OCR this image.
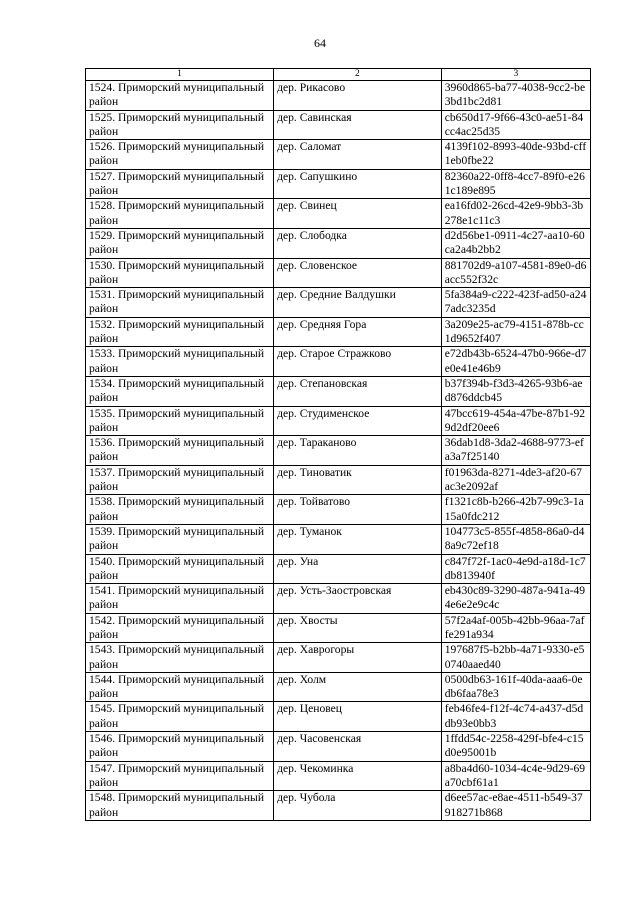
64
1	2	3
1524. Приморский муниципальный район	дер. Рикасово	3960d865-ba77-4038-9cc2-be3bd1bc2d81
1525. Приморский муниципальный район	дер. Савинская	cb650d17-9f66-43c0-ae51-84cc4ac25d35
1526. Приморский муниципальный район	дер. Саломат	4139f102-8993-40de-93bd-cff1eb0fbe22
1527. Приморский муниципальный район	дер. Сапушкино	82360a22-0ff8-4cc7-89f0-e261c189e895
1528. Приморский муниципальный район	дер. Свинец	ea16fd02-26cd-42e9-9bb3-3b278e1c11c3
1529. Приморский муниципальный район	дер. Слободка	d2d56be1-0911-4c27-aa10-60ca2a4b2bb2
1530. Приморский муниципальный район	дер. Словенское	881702d9-a107-4581-89e0-d6acc552f32c
1531. Приморский муниципальный район	дер. Средние Валдушки	5fa384a9-c222-423f-ad50-a247adc3235d
1532. Приморский муниципальный район	дер. Средняя Гора	3a209e25-ac79-4151-878b-cc1d9652f407
1533. Приморский муниципальный район	дер. Старое Стражково	e72db43b-6524-47b0-966e-d7e0e41e46b9
1534. Приморский муниципальный район	дер. Степановская	b37f394b-f3d3-4265-93b6-aed876ddcb45
1535. Приморский муниципальный район	дер. Студименское	47bcc619-454a-47be-87b1-929d2df20ee6
1536. Приморский муниципальный район	дер. Тараканово	36dab1d8-3da2-4688-9773-efa3a7f25140
1537. Приморский муниципальный район	дер. Тиноватик	f01963da-8271-4de3-af20-67ac3e2092af
1538. Приморский муниципальный район	дер. Тойватово	f1321c8b-b266-42b7-99c3-1a15a0fdc212
1539. Приморский муниципальный район	дер. Туманок	104773c5-855f-4858-86a0-d48a9c72ef18
1540. Приморский муниципальный район	дер. Уна	c847f72f-1ac0-4e9d-a18d-1c7db813940f
1541. Приморский муниципальный район	дер. Усть-Заостровская	eb430c89-3290-487a-941a-494e6e2e9c4c
1542. Приморский муниципальный район	дер. Хвосты	57f2a4af-005b-42bb-96aa-7affe291a934
1543. Приморский муниципальный район	дер. Хаврогоры	197687f5-b2bb-4a71-9330-e50740aaed40
1544. Приморский муниципальный район	дер. Холм	0500db63-161f-40da-aaa6-0edb6faa78e3
1545. Приморский муниципальный район	дер. Ценовец	feb46fe4-f12f-4c74-a437-d5ddb93e0bb3
1546. Приморский муниципальный район	дер. Часовенская	1ffdd54c-2258-429f-bfe4-c15d0e95001b
1547. Приморский муниципальный район	дер. Чекоминка	a8ba4d60-1034-4c4e-9d29-69a70cbf61a1
1548. Приморский муниципальный район	дер. Чубола	d6ee57ac-e8ae-4511-b549-37918271b868
